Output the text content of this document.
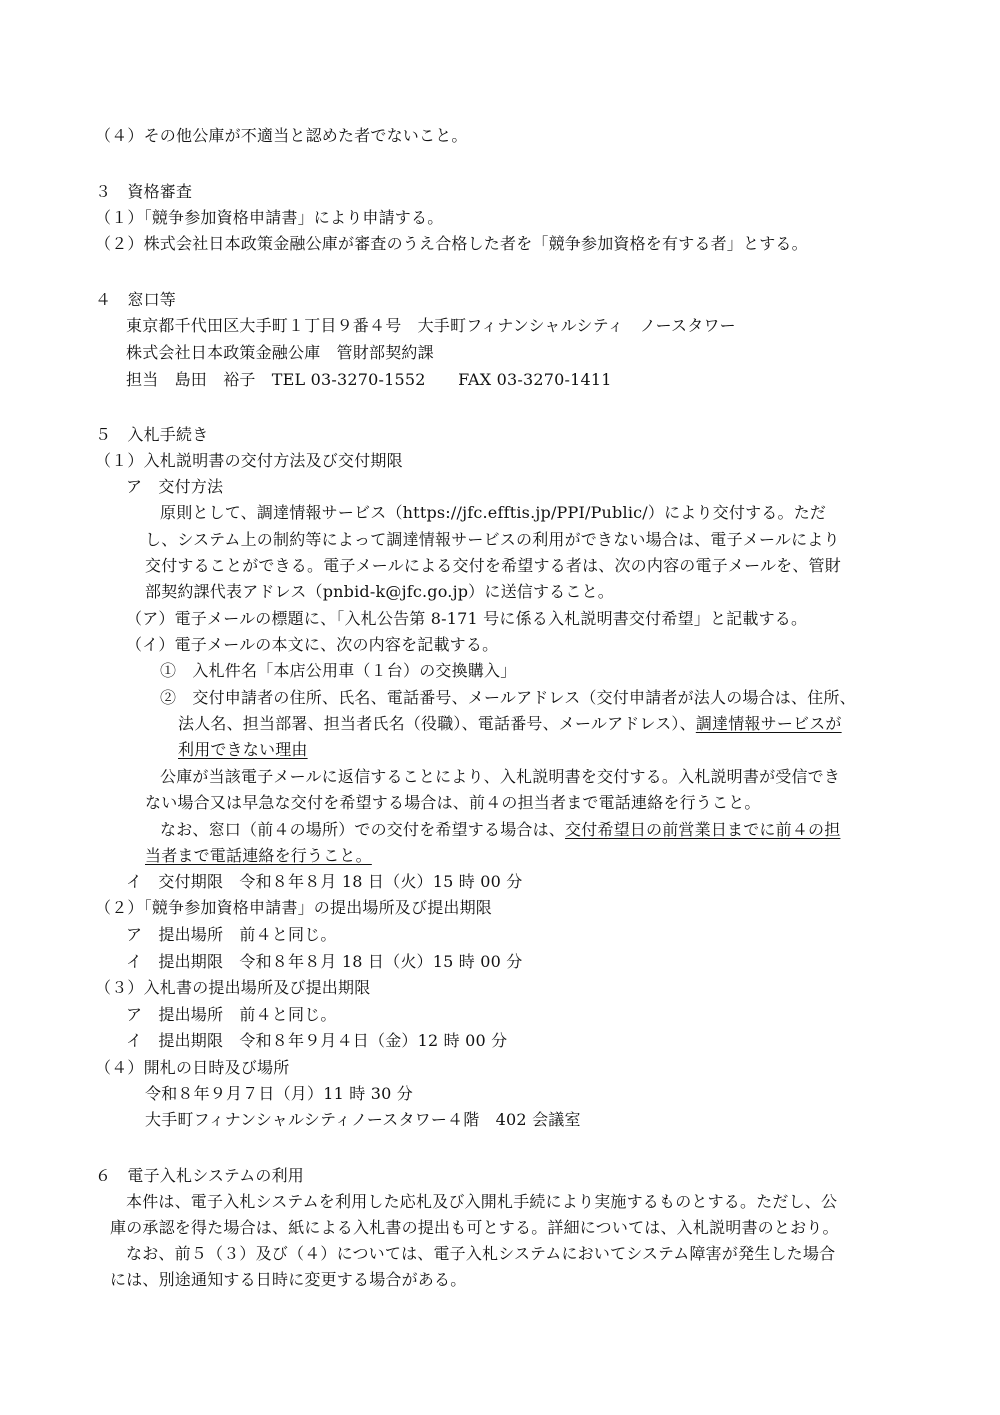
（４）その他公庫が不適当と認めた者でないこと。
３　資格審査
（１）「競争参加資格申請書」により申請する。
（２）株式会社日本政策金融公庫が審査のうえ合格した者を「競争参加資格を有する者」とする。
４　窓口等
東京都千代田区大手町１丁目９番４号　大手町フィナンシャルシティ　ノースタワー
株式会社日本政策金融公庫　管財部契約課
担当　島田　裕子　TEL 03-3270-1552　　FAX 03-3270-1411
５　入札手続き
（１）入札説明書の交付方法及び交付期限
ア　交付方法
原則として、調達情報サービス（https://jfc.efftis.jp/PPI/Public/）により交付する。ただ
し、システム上の制約等によって調達情報サービスの利用ができない場合は、電子メールにより
交付することができる。電子メールによる交付を希望する者は、次の内容の電子メールを、管財
部契約課代表アドレス（pnbid-k@jfc.go.jp）に送信すること。
（ア）電子メールの標題に、「入札公告第 8-171 号に係る入札説明書交付希望」と記載する。
（イ）電子メールの本文に、次の内容を記載する。
①　入札件名「本店公用車（１台）の交換購入」
②　交付申請者の住所、氏名、電話番号、メールアドレス（交付申請者が法人の場合は、住所、
法人名、担当部署、担当者氏名（役職）、電話番号、メールアドレス）、調達情報サービスが
利用できない理由
公庫が当該電子メールに返信することにより、入札説明書を交付する。入札説明書が受信でき
ない場合又は早急な交付を希望する場合は、前４の担当者まで電話連絡を行うこと。
なお、窓口（前４の場所）での交付を希望する場合は、交付希望日の前営業日までに前４の担
当者まで電話連絡を行うこと。
イ　交付期限　令和８年８月 18 日（火）15 時 00 分
（２）「競争参加資格申請書」の提出場所及び提出期限
ア　提出場所　前４と同じ。
イ　提出期限　令和８年８月 18 日（火）15 時 00 分
（３）入札書の提出場所及び提出期限
ア　提出場所　前４と同じ。
イ　提出期限　令和８年９月４日（金）12 時 00 分
（４）開札の日時及び場所
令和８年９月７日（月）11 時 30 分
大手町フィナンシャルシティノースタワー４階　402 会議室
６　電子入札システムの利用
本件は、電子入札システムを利用した応札及び入開札手続により実施するものとする。ただし、公
庫の承認を得た場合は、紙による入札書の提出も可とする。詳細については、入札説明書のとおり。
なお、前５（３）及び（４）については、電子入札システムにおいてシステム障害が発生した場合
には、別途通知する日時に変更する場合がある。
